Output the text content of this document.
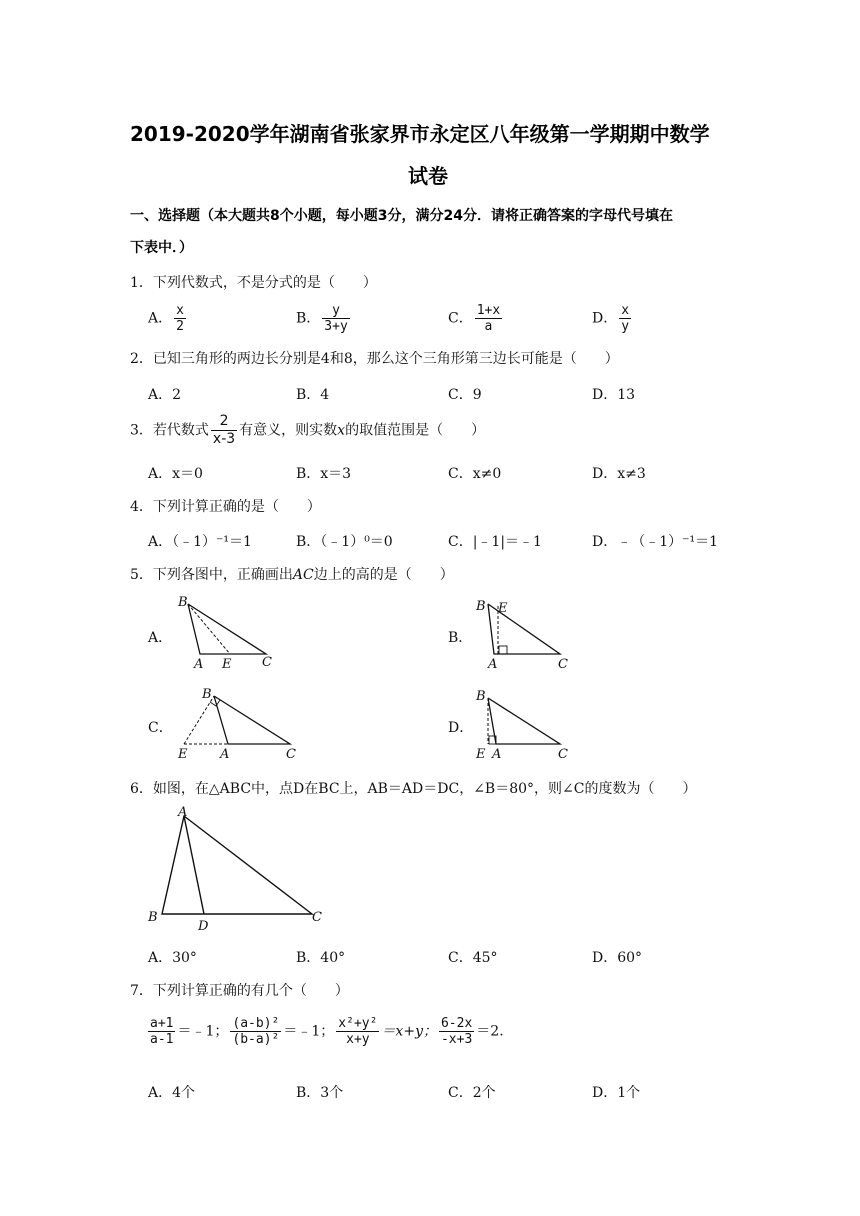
2019-2020学年湖南省张家界市永定区八年级第一学期期中数学
试卷
一、选择题（本大题共8个小题，每小题3分，满分24分．请将正确答案的字母代号填在
下表中．）
1．下列代数式，不是分式的是（　　）
A． $\frac{x}{2}$	B． $\frac{y}{3+y}$	C． $\frac{1+x}{a}$	D． $\frac{x}{y}$
2．已知三角形的两边长分别是4和8，那么这个三角形第三边长可能是（　　）
A．2	B．4	C．9	D．13
3．若代数式 $\frac{2}{x-3}$ 有意义，则实数x的取值范围是（　　）
A．x＝0	B．x＝3	C．x≠0	D．x≠3
4．下列计算正确的是（　　）
A．（﹣1）⁻¹＝1	B．（﹣1）⁰＝0	C．|﹣1|＝﹣1	D．﹣（﹣1）⁻¹＝1
5．下列各图中，正确画出AC边上的高的是（　　）
A．	B．
C．	D．
B
A E C
B E
A	C
B
E	A	C
B
E A	C
6．如图，在△ABC中，点D在BC上，AB＝AD＝DC，∠B＝80°，则∠C的度数为（　　）
A
B
D
C
A．30°	B．40°	C．45°	D．60°
7．下列计算正确的有几个（　　）
$\frac{a+1}{a-1}$ ＝﹣1； $\frac{\text{(a-b)²}}{\text{(b-a)²}}$ ＝﹣1； $\frac{\text{x²+y²}}{x+y} =x+y$； $\frac{6-2x}{-x+3} =2$.
A．4个	B．3个	C．2个	D．1个
